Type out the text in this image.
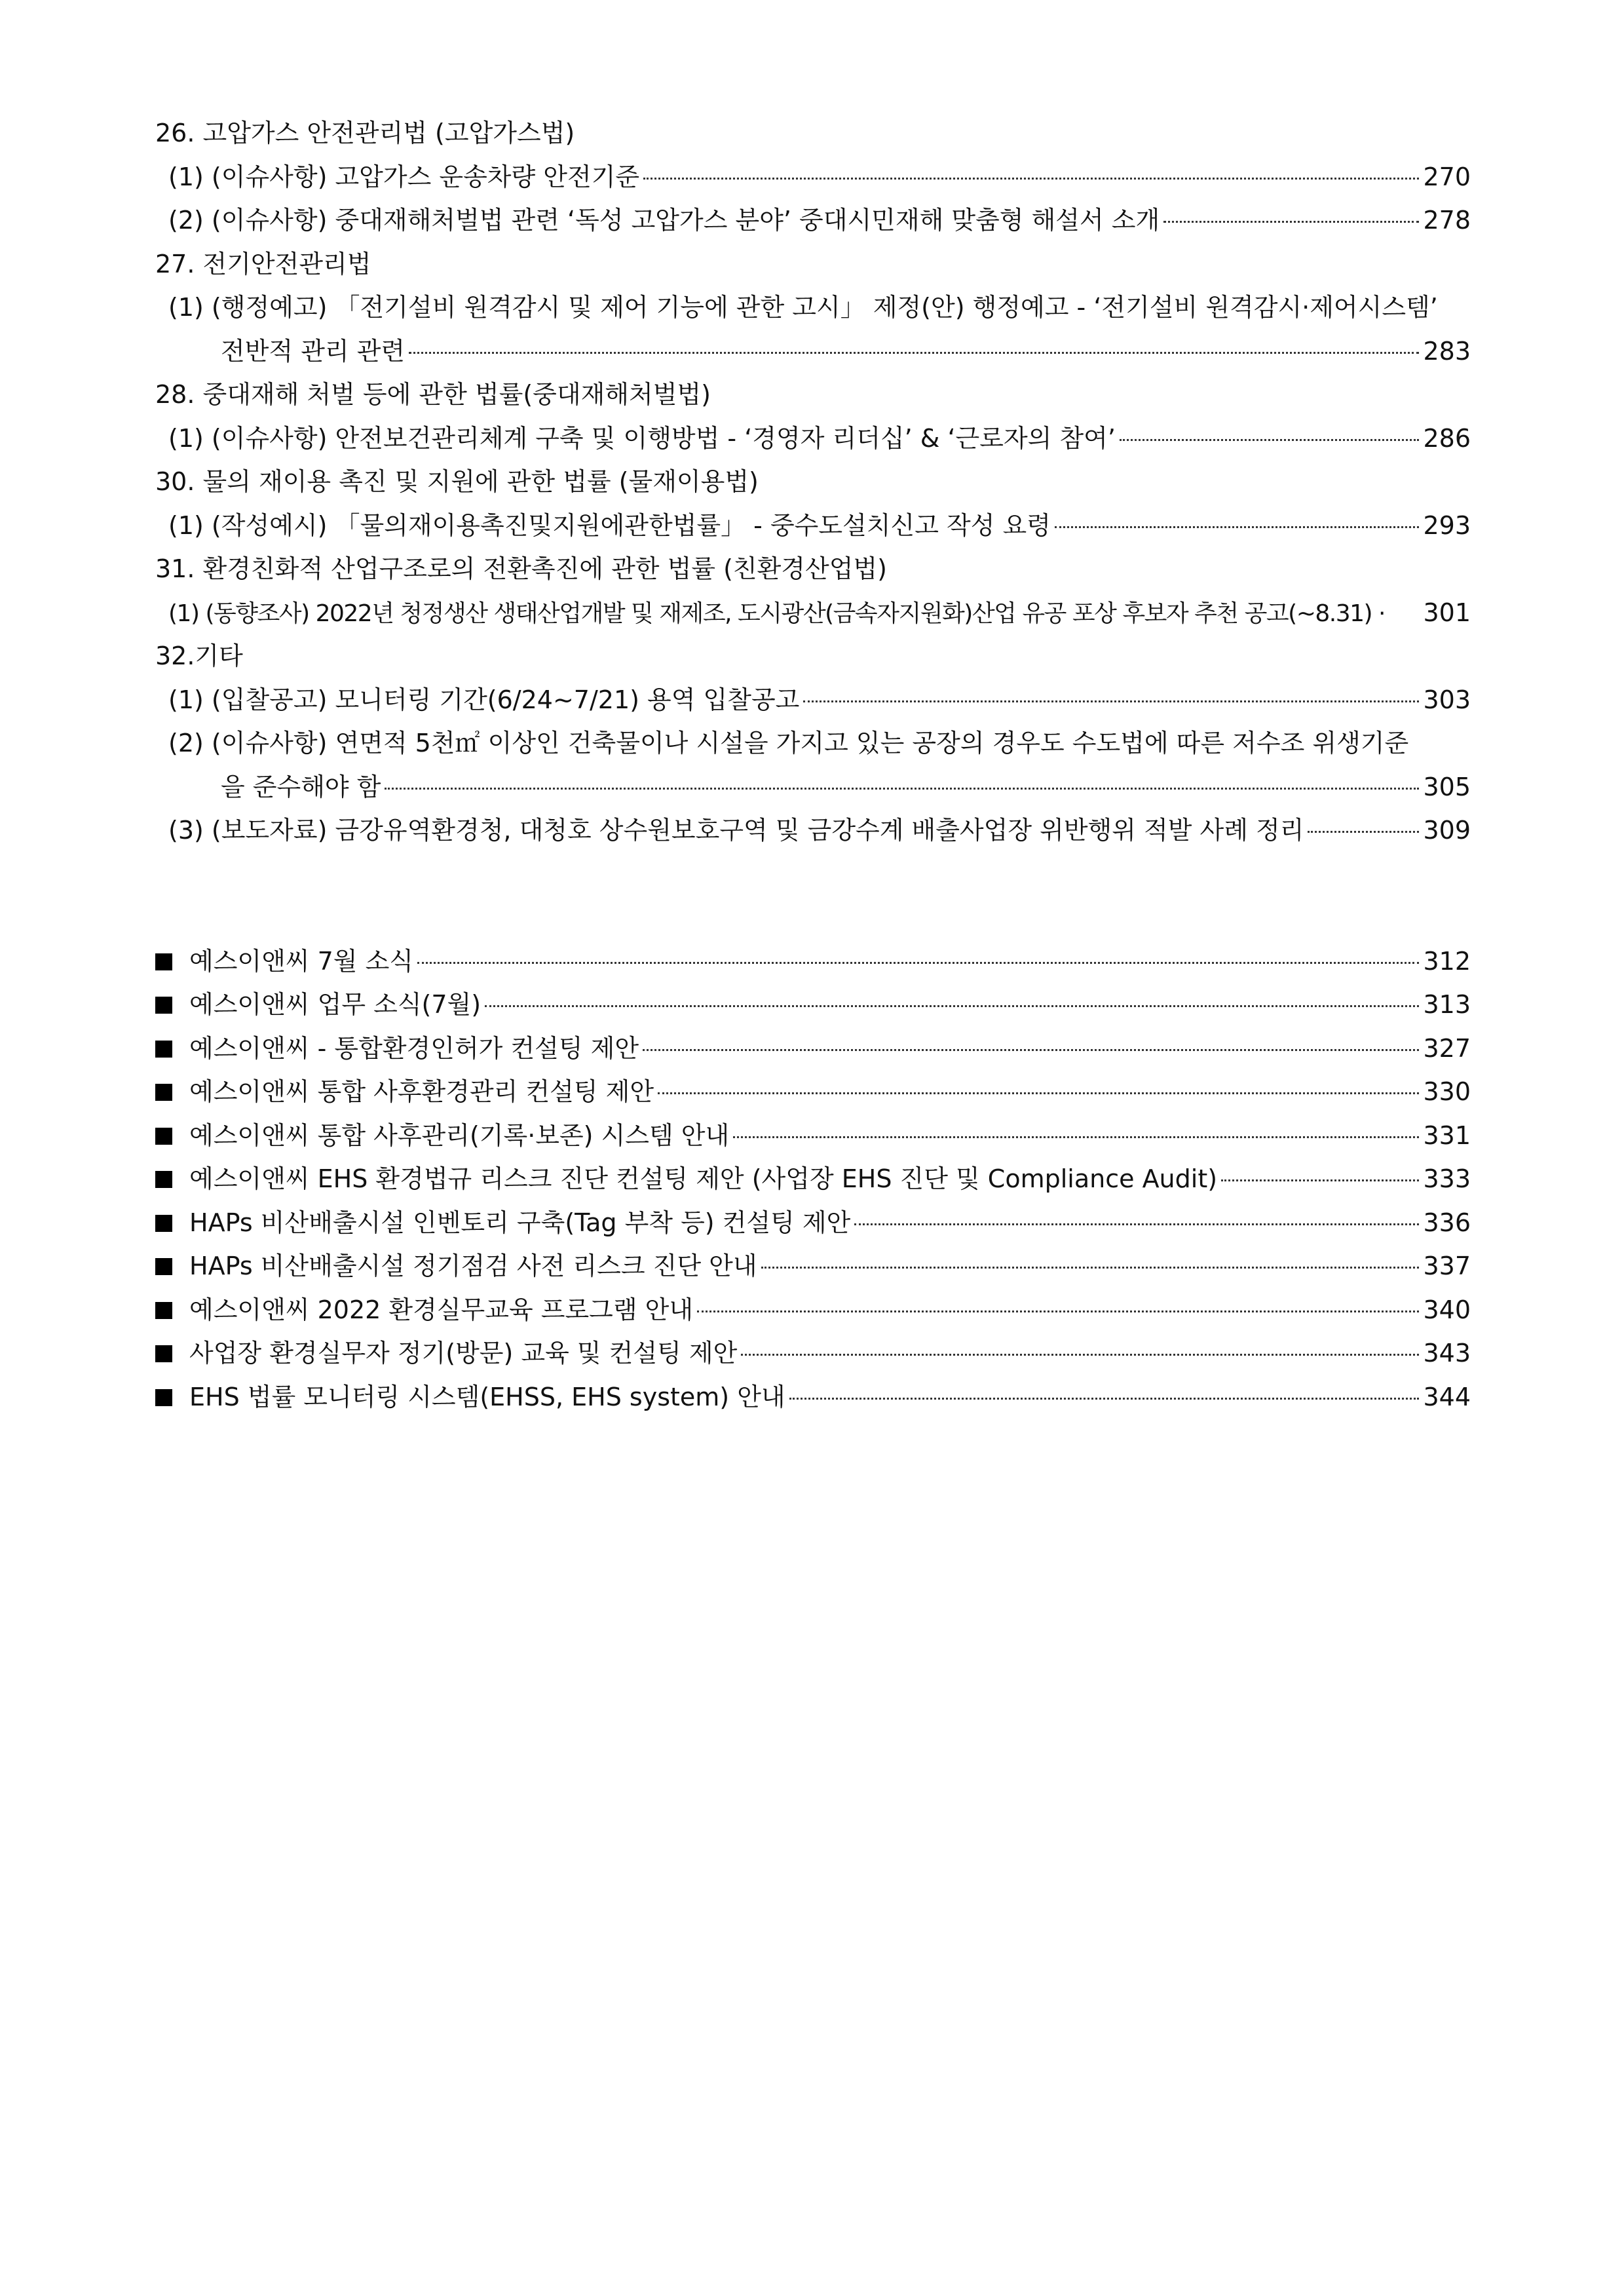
26. 고압가스 안전관리법 (고압가스법)
(1) (이슈사항) 고압가스 운송차량 안전기준	270
(2) (이슈사항) 중대재해처벌법 관련 ‘독성 고압가스 분야’ 중대시민재해 맞춤형 해설서 소개	278
27. 전기안전관리법
(1) (행정예고) 「전기설비 원격감시 및 제어 기능에 관한 고시」 제정(안) 행정예고 - ‘전기설비 원격감시·제어시스템’
전반적 관리 관련	283
28. 중대재해 처벌 등에 관한 법률(중대재해처벌법)
(1) (이슈사항) 안전보건관리체계 구축 및 이행방법 - ‘경영자 리더십’ & ‘근로자의 참여’	286
30. 물의 재이용 촉진 및 지원에 관한 법률 (물재이용법)
(1) (작성예시) 「물의재이용촉진및지원에관한법률」 - 중수도설치신고 작성 요령	293
31. 환경친화적 산업구조로의 전환촉진에 관한 법률 (친환경산업법)
(1) (동향조사) 2022년 청정생산 생태산업개발 및 재제조, 도시광산(금속자지원화)산업 유공 포상 후보자 추천 공고(~8.31) · 301
32.기타
(1) (입찰공고) 모니터링 기간(6/24~7/21) 용역 입찰공고	303
(2) (이슈사항) 연면적 5천㎡ 이상인 건축물이나 시설을 가지고 있는 공장의 경우도 수도법에 따른 저수조 위생기준
을 준수해야 함	305
(3) (보도자료) 금강유역환경청, 대청호 상수원보호구역 및 금강수계 배출사업장 위반행위 적발 사례 정리	309
예스이앤씨 7월 소식	312
예스이앤씨 업무 소식(7월)	313
예스이앤씨 - 통합환경인허가 컨설팅 제안	327
예스이앤씨 통합 사후환경관리 컨설팅 제안	330
예스이앤씨 통합 사후관리(기록·보존) 시스템 안내	331
예스이앤씨 EHS 환경법규 리스크 진단 컨설팅 제안 (사업장 EHS 진단 및 Compliance Audit)	333
HAPs 비산배출시설 인벤토리 구축(Tag 부착 등) 컨설팅 제안	336
HAPs 비산배출시설 정기점검 사전 리스크 진단 안내	337
예스이앤씨 2022 환경실무교육 프로그램 안내	340
사업장 환경실무자 정기(방문) 교육 및 컨설팅 제안	343
EHS 법률 모니터링 시스템(EHSS, EHS system) 안내	344
